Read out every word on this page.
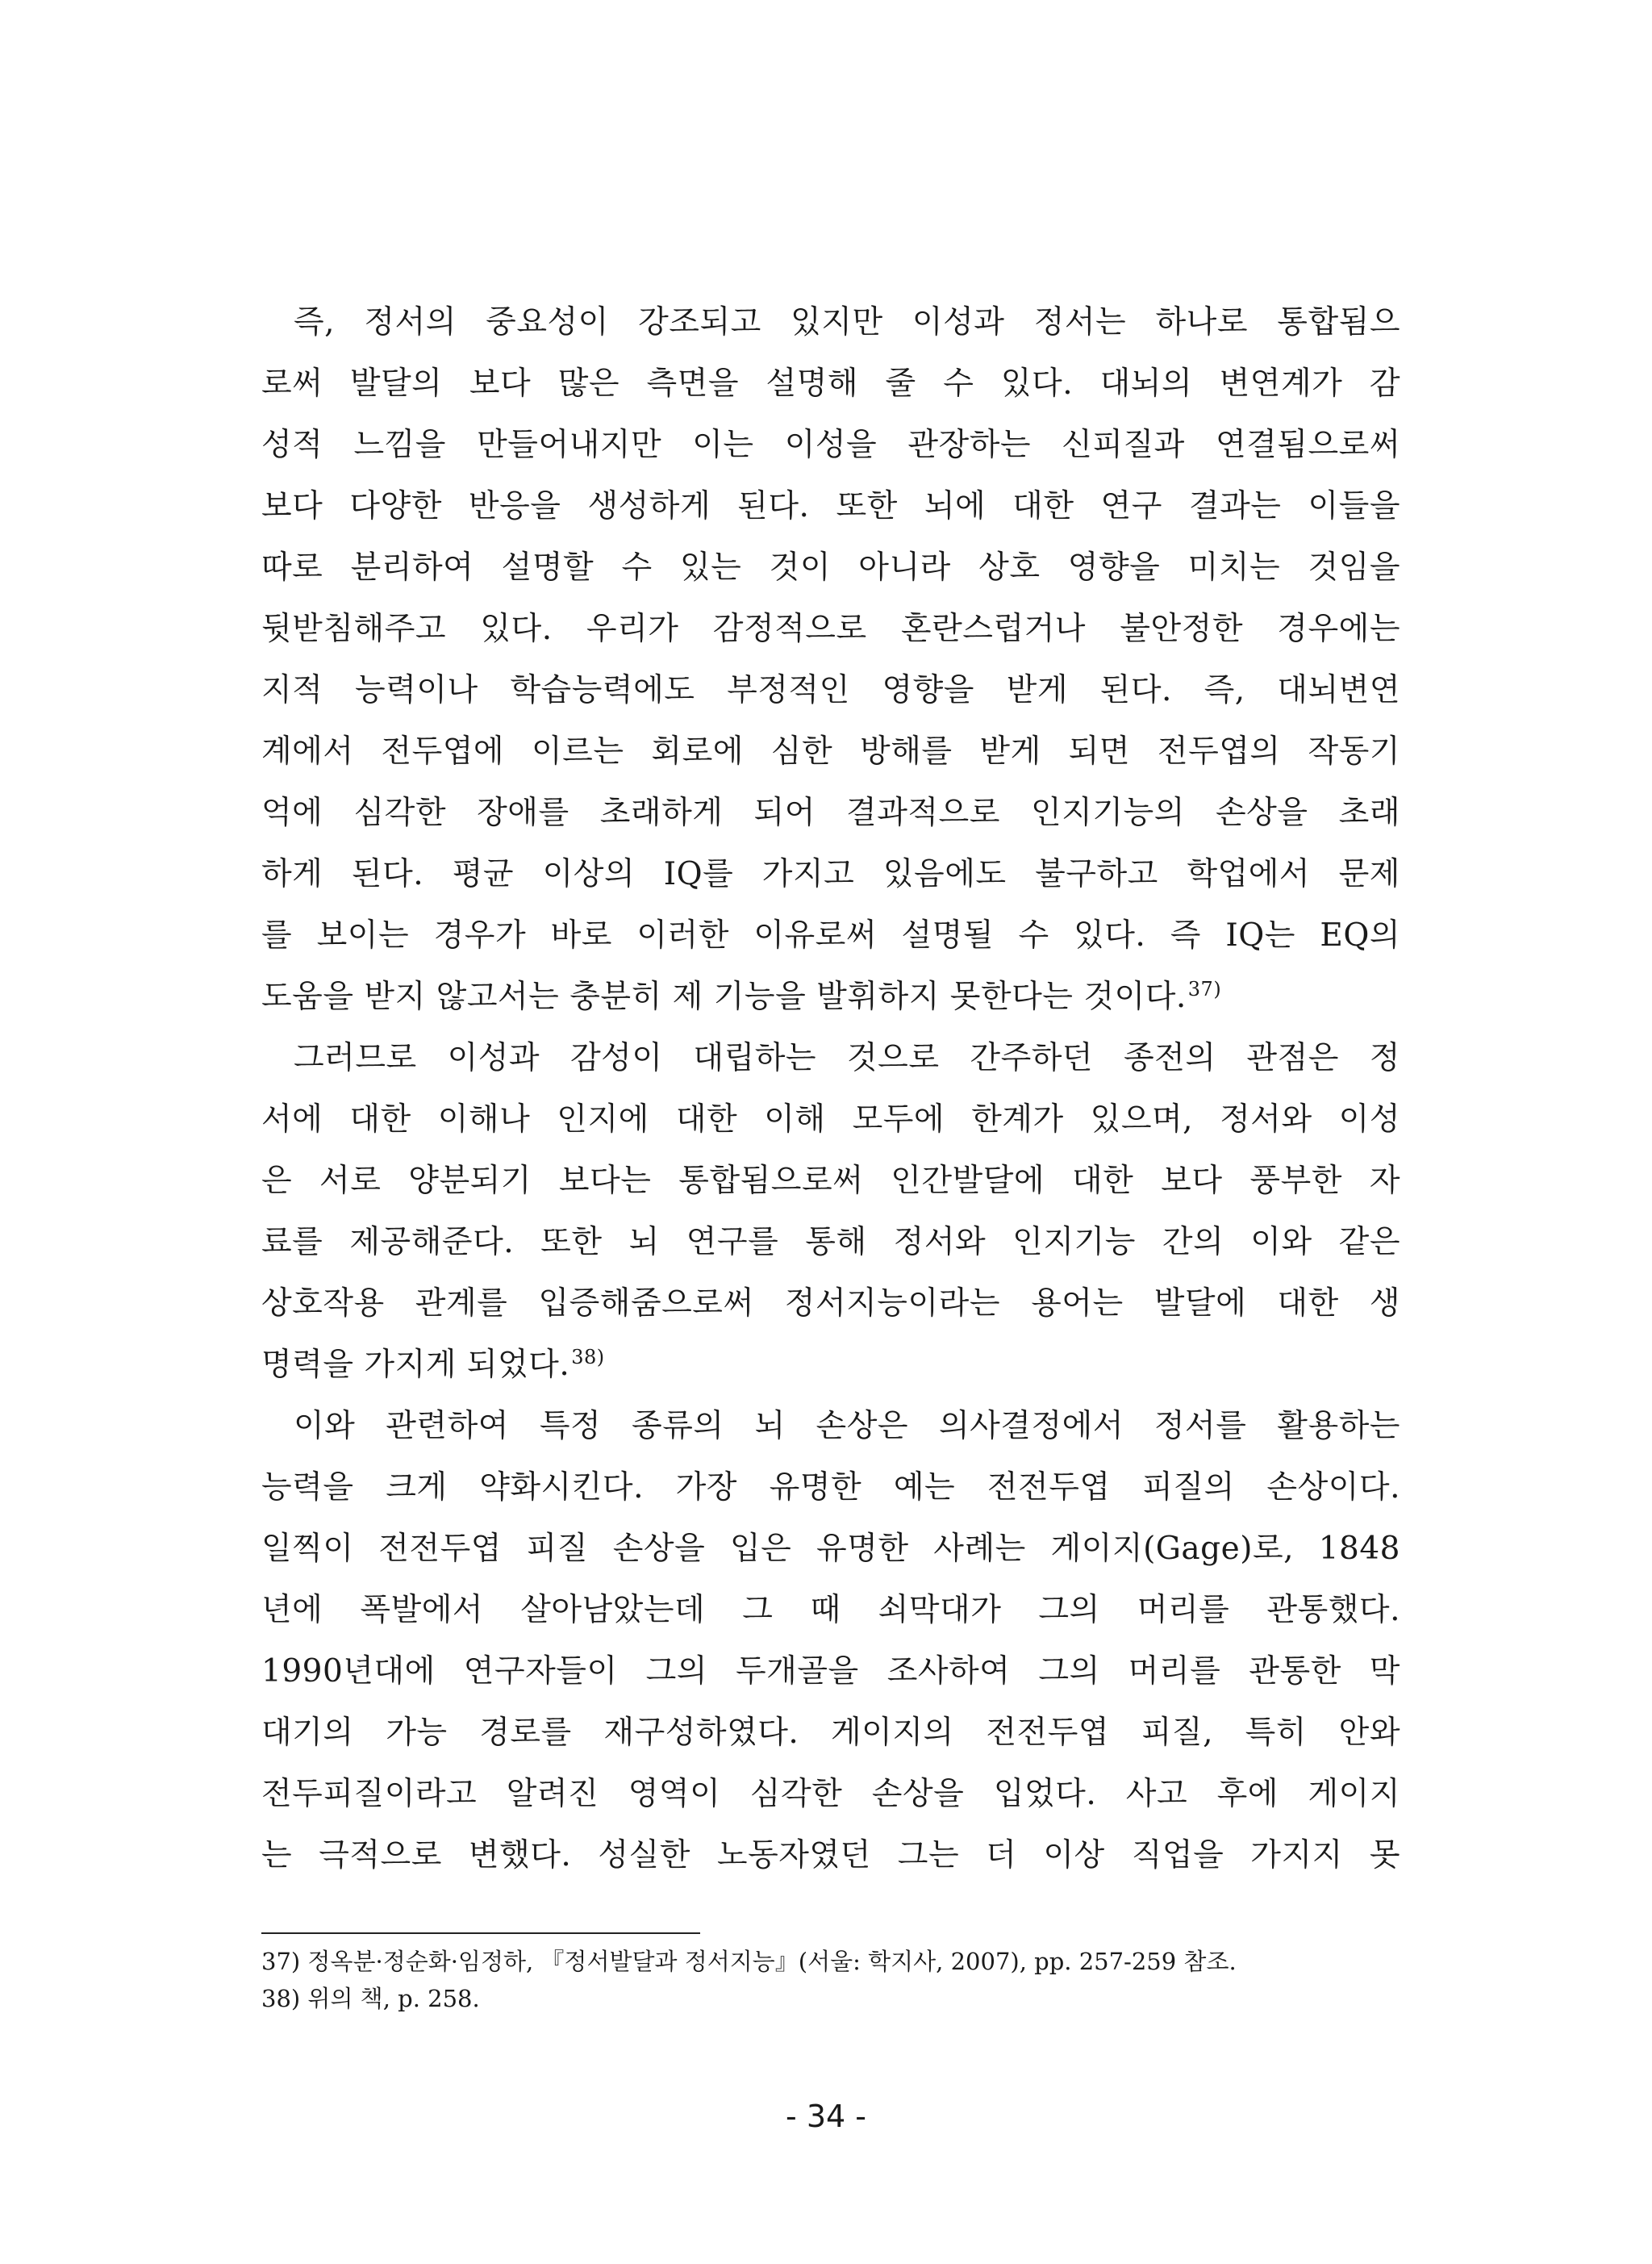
즉, 정서의 중요성이 강조되고 있지만 이성과 정서는 하나로 통합됨으
로써 발달의 보다 많은 측면을 설명해 줄 수 있다. 대뇌의 변연계가 감
성적 느낌을 만들어내지만 이는 이성을 관장하는 신피질과 연결됨으로써
보다 다양한 반응을 생성하게 된다. 또한 뇌에 대한 연구 결과는 이들을
따로 분리하여 설명할 수 있는 것이 아니라 상호 영향을 미치는 것임을
뒷받침해주고 있다. 우리가 감정적으로 혼란스럽거나 불안정한 경우에는
지적 능력이나 학습능력에도 부정적인 영향을 받게 된다. 즉, 대뇌변연
계에서 전두엽에 이르는 회로에 심한 방해를 받게 되면 전두엽의 작동기
억에 심각한 장애를 초래하게 되어 결과적으로 인지기능의 손상을 초래
하게 된다. 평균 이상의 IQ를 가지고 있음에도 불구하고 학업에서 문제
를 보이는 경우가 바로 이러한 이유로써 설명될 수 있다. 즉 IQ는 EQ의
도움을 받지 않고서는 충분히 제 기능을 발휘하지 못한다는 것이다.$^{37)}$
그러므로 이성과 감성이 대립하는 것으로 간주하던 종전의 관점은 정
서에 대한 이해나 인지에 대한 이해 모두에 한계가 있으며, 정서와 이성
은 서로 양분되기 보다는 통합됨으로써 인간발달에 대한 보다 풍부한 자
료를 제공해준다. 또한 뇌 연구를 통해 정서와 인지기능 간의 이와 같은
상호작용 관계를 입증해줌으로써 정서지능이라는 용어는 발달에 대한 생
명력을 가지게 되었다.$^{38)}$
이와 관련하여 특정 종류의 뇌 손상은 의사결정에서 정서를 활용하는
능력을 크게 약화시킨다. 가장 유명한 예는 전전두엽 피질의 손상이다.
일찍이 전전두엽 피질 손상을 입은 유명한 사례는 게이지(Gage)로, 1848
년에 폭발에서 살아남았는데 그 때 쇠막대가 그의 머리를 관통했다.
1990년대에 연구자들이 그의 두개골을 조사하여 그의 머리를 관통한 막
대기의 가능 경로를 재구성하였다. 게이지의 전전두엽 피질, 특히 안와
전두피질이라고 알려진 영역이 심각한 손상을 입었다. 사고 후에 게이지
는 극적으로 변했다. 성실한 노동자였던 그는 더 이상 직업을 가지지 못
37) 정옥분·정순화·임정하, 『정서발달과 정서지능』(서울: 학지사, 2007), pp. 257-259 참조.
38) 위의 책, p. 258.
- 34 -
